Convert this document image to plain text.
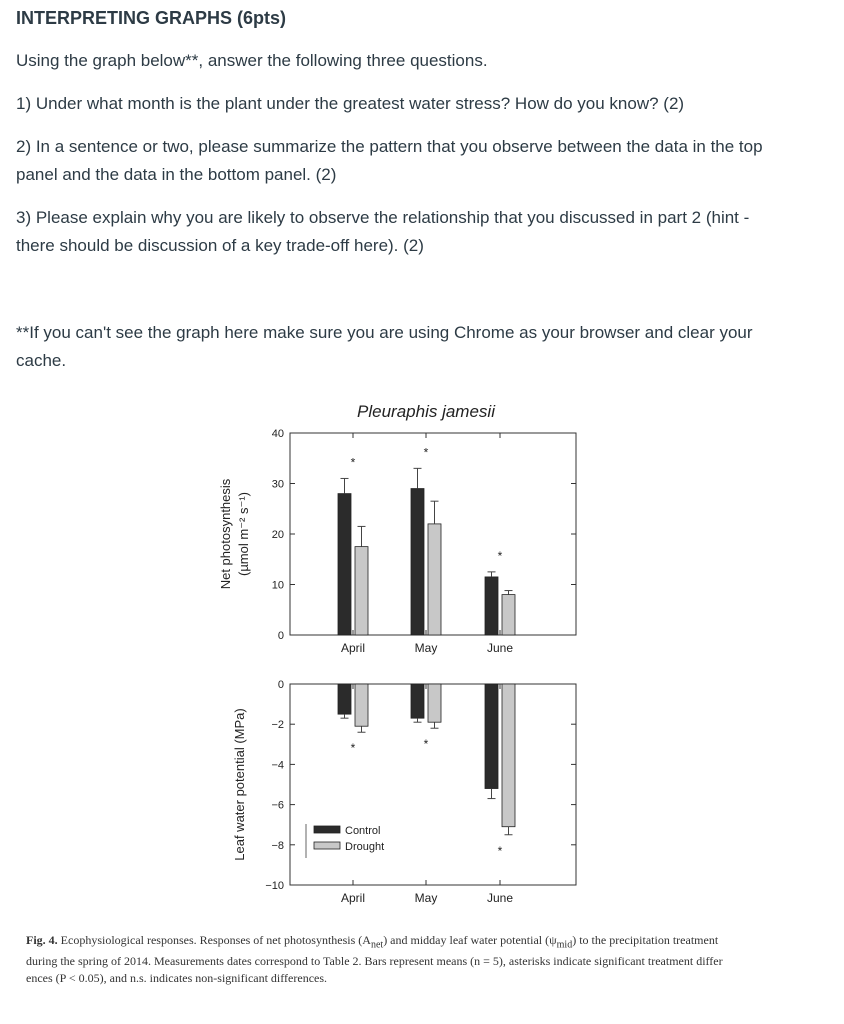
INTERPRETING GRAPHS (6pts)
Using the graph below**, answer the following three questions.
1) Under what month is the plant under the greatest water stress? How do you know? (2)
2) In a sentence or two, please summarize the pattern that you observe between the data in the top
panel and the data in the bottom panel. (2)
3) Please explain why you are likely to observe the relationship that you discussed in part 2 (hint -
there should be discussion of a key trade-off here). (2)
**If you can't see the graph here make sure you are using Chrome as your browser and clear your
cache.
Pleuraphis jamesii
0
10
20
30
40
April
*
May
*
June
*
Net photosynthesis (µmol m⁻² s⁻¹)
0
−2
−4
−6
−8
−10
April
*
May
*
June
*
Leaf water potential (MPa)	Control
Drought
Fig. 4. Ecophysiological responses. Responses of net photosynthesis $(A_{net})$ and midday leaf water potential $(\psi_{mid})$ to the precipitation treatment
during the spring of 2014. Measurements dates correspond to Table 2. Bars represent means (n = 5), asterisks indicate significant treatment differ
ences (P < 0.05), and n.s. indicates non-significant differences.
